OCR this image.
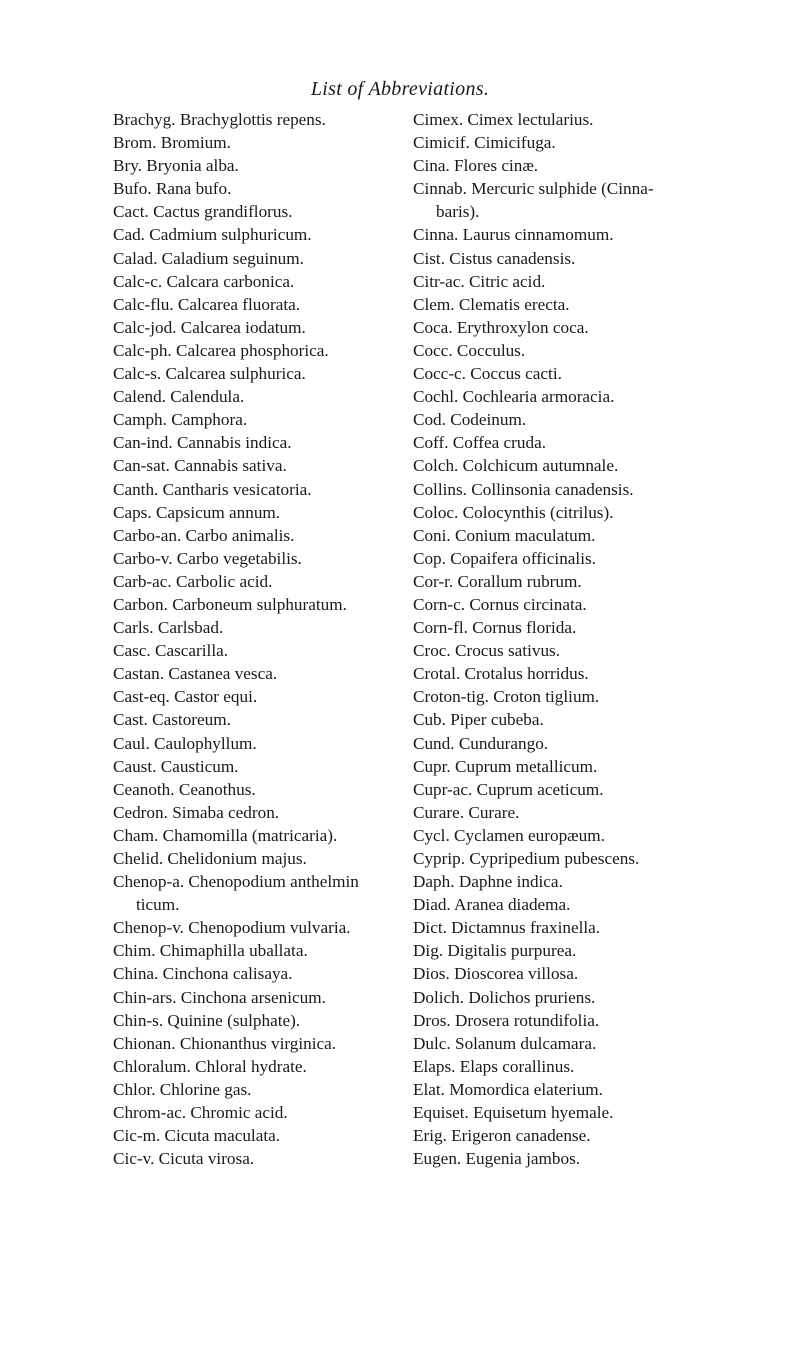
List of Abbreviations.
Brachyg. Brachyglottis repens.
Brom. Bromium.
Bry. Bryonia alba.
Bufo. Rana bufo.
Cact. Cactus grandiflorus.
Cad. Cadmium sulphuricum.
Calad. Caladium seguinum.
Calc-c. Calcara carbonica.
Calc-flu. Calcarea fluorata.
Calc-jod. Calcarea iodatum.
Calc-ph. Calcarea phosphorica.
Calc-s. Calcarea sulphurica.
Calend. Calendula.
Camph. Camphora.
Can-ind. Cannabis indica.
Can-sat. Cannabis sativa.
Canth. Cantharis vesicatoria.
Caps. Capsicum annum.
Carbo-an. Carbo animalis.
Carbo-v. Carbo vegetabilis.
Carb-ac. Carbolic acid.
Carbon. Carboneum sulphuratum.
Carls. Carlsbad.
Casc. Cascarilla.
Castan. Castanea vesca.
Cast-eq. Castor equi.
Cast. Castoreum.
Caul. Caulophyllum.
Caust. Causticum.
Ceanoth. Ceanothus.
Cedron. Simaba cedron.
Cham. Chamomilla (matricaria).
Chelid. Chelidonium majus.
Chenop-a. Chenopodium anthelmin
ticum.
Chenop-v. Chenopodium vulvaria.
Chim. Chimaphilla uballata.
China. Cinchona calisaya.
Chin-ars. Cinchona arsenicum.
Chin-s. Quinine (sulphate).
Chionan. Chionanthus virginica.
Chloralum. Chloral hydrate.
Chlor. Chlorine gas.
Chrom-ac. Chromic acid.
Cic-m. Cicuta maculata.
Cic-v. Cicuta virosa.
Cimex. Cimex lectularius.
Cimicif. Cimicifuga.
Cina. Flores cinæ.
Cinnab. Mercuric sulphide (Cinna-
baris).
Cinna. Laurus cinnamomum.
Cist. Cistus canadensis.
Citr-ac. Citric acid.
Clem. Clematis erecta.
Coca. Erythroxylon coca.
Cocc. Cocculus.
Cocc-c. Coccus cacti.
Cochl. Cochlearia armoracia.
Cod. Codeinum.
Coff. Coffea cruda.
Colch. Colchicum autumnale.
Collins. Collinsonia canadensis.
Coloc. Colocynthis (citrilus).
Coni. Conium maculatum.
Cop. Copaifera officinalis.
Cor-r. Corallum rubrum.
Corn-c. Cornus circinata.
Corn-fl. Cornus florida.
Croc. Crocus sativus.
Crotal. Crotalus horridus.
Croton-tig. Croton tiglium.
Cub. Piper cubeba.
Cund. Cundurango.
Cupr. Cuprum metallicum.
Cupr-ac. Cuprum aceticum.
Curare. Curare.
Cycl. Cyclamen europæum.
Cyprip. Cypripedium pubescens.
Daph. Daphne indica.
Diad. Aranea diadema.
Dict. Dictamnus fraxinella.
Dig. Digitalis purpurea.
Dios. Dioscorea villosa.
Dolich. Dolichos pruriens.
Dros. Drosera rotundifolia.
Dulc. Solanum dulcamara.
Elaps. Elaps corallinus.
Elat. Momordica elaterium.
Equiset. Equisetum hyemale.
Erig. Erigeron canadense.
Eugen. Eugenia jambos.
